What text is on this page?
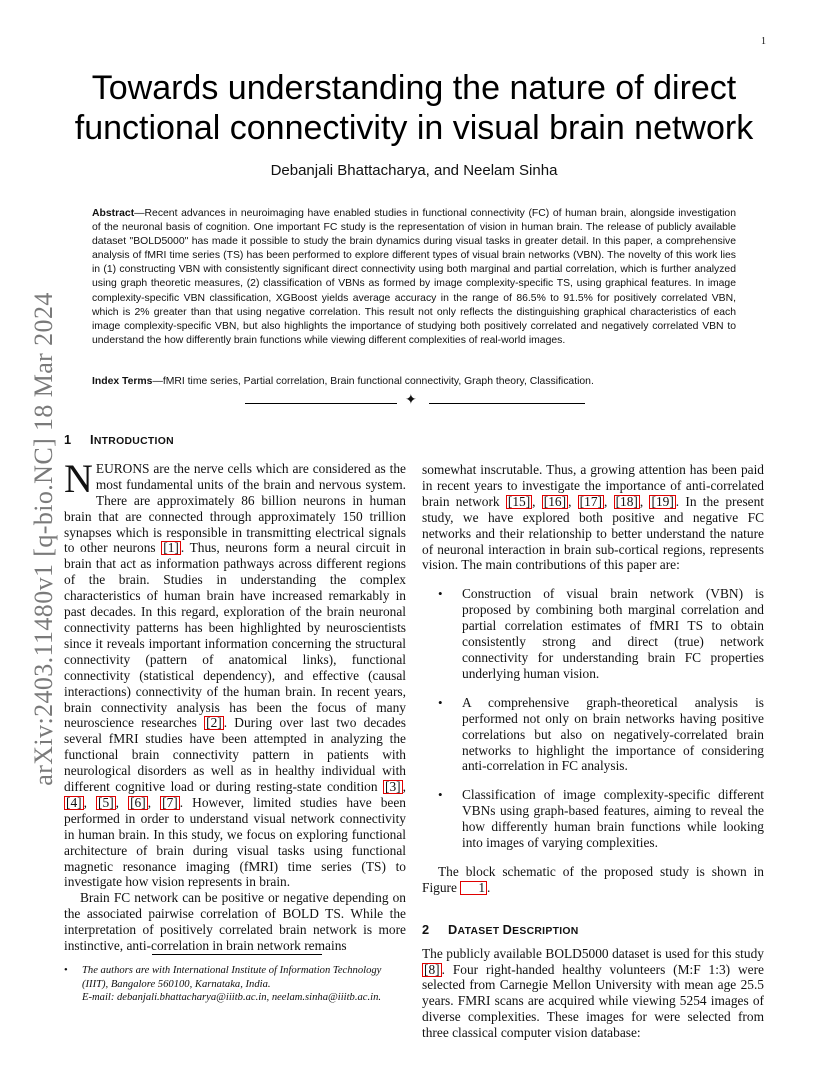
1
arXiv:2403.11480v1 [q-bio.NC] 18 Mar 2024
Towards understanding the nature of direct functional connectivity in visual brain network
Debanjali Bhattacharya, and Neelam Sinha

Abstract—Recent advances in neuroimaging have enabled studies in functional connectivity (FC) of human brain, alongside investigation of the neuronal basis of cognition. One important FC study is the representation of vision in human brain. The release of publicly available dataset "BOLD5000" has made it possible to study the brain dynamics during visual tasks in greater detail. In this paper, a comprehensive analysis of fMRI time series (TS) has been performed to explore different types of visual brain networks (VBN). The novelty of this work lies in (1) constructing VBN with consistently significant direct connectivity using both marginal and partial correlation, which is further analyzed using graph theoretic measures, (2) classification of VBNs as formed by image complexity-specific TS, using graphical features. In image complexity-specific VBN classification, XGBoost yields average accuracy in the range of 86.5% to 91.5% for positively correlated VBN, which is 2% greater than that using negative correlation. This result not only reflects the distinguishing graphical characteristics of each image complexity-specific VBN, but also highlights the importance of studying both positively correlated and negatively correlated VBN to understand the how differently brain functions while viewing different complexities of real-world images.

Index Terms—fMRI time series, Partial correlation, Brain functional connectivity, Graph theory, Classification.

✦
1 INTRODUCTION

NEURONS are the nerve cells which are considered as the most fundamental units of the brain and nervous system. There are approximately 86 billion neurons in human brain that are connected through approximately 150 trillion synapses which is responsible in transmitting electrical signals to other neurons [1] . Thus, neurons form a neural circuit in brain that act as information pathways across different regions of the brain. Studies in understanding the complex characteristics of human brain have increased remarkably in past decades. In this regard, exploration of the brain neuronal connectivity patterns has been highlighted by neuroscientists since it reveals important information concerning the structural connectivity (pattern of anatomical links), functional connectivity (statistical dependency), and effective (causal interactions) connectivity of the human brain. In recent years, brain connectivity analysis has been the focus of many neuroscience researches [2] . During over last two decades several fMRI studies have been attempted in analyzing the functional brain connectivity pattern in patients with neurological disorders as well as in healthy individual with different cognitive load or during resting-state condition [3] , [4] , [5] , [6] , [7] . However, limited studies have been performed in order to understand visual network connectivity in human brain. In this study, we focus on exploring functional architecture of brain during visual tasks using functional magnetic resonance imaging (fMRI) time series (TS) to investigate how vision represents in brain.

Brain FC network can be positive or negative depending on the associated pairwise correlation of BOLD TS. While the interpretation of positively correlated brain network is more instinctive, anti-correlation in brain network remains

somewhat inscrutable. Thus, a growing attention has been paid in recent years to investigate the importance of anti-correlated brain network [15] , [16] , [17] , [18] , [19] . In the present study, we have explored both positive and negative FC networks and their relationship to better understand the nature of neuronal interaction in brain sub-cortical regions, represents vision. The main contributions of this paper are:

• Construction of visual brain network (VBN) is proposed by combining both marginal correlation and partial correlation estimates of fMRI TS to obtain consistently strong and direct (true) network connectivity for understanding brain FC properties underlying human vision.
• A comprehensive graph-theoretical analysis is performed not only on brain networks having positive correlations but also on negatively-correlated brain networks to highlight the importance of considering anti-correlation in FC analysis.
• Classification of image complexity-specific different VBNs using graph-based features, aiming to reveal the how differently human brain functions while looking into images of varying complexities.

The block schematic of the proposed study is shown in Figure 1 .

2 DATASET DESCRIPTION

The publicly available BOLD5000 dataset is used for this study [8] . Four right-handed healthy volunteers (M:F 1:3) were selected from Carnegie Mellon University with mean age 25.5 years. FMRI scans are acquired while viewing 5254 images of diverse complexities. These images for were selected from three classical computer vision database:

• The authors are with International Institute of Information Technology (IIIT), Bangalore 560100, Karnataka, India.
E-mail: debanjali.bhattacharya@iiitb.ac.in, neelam.sinha@iiitb.ac.in.
